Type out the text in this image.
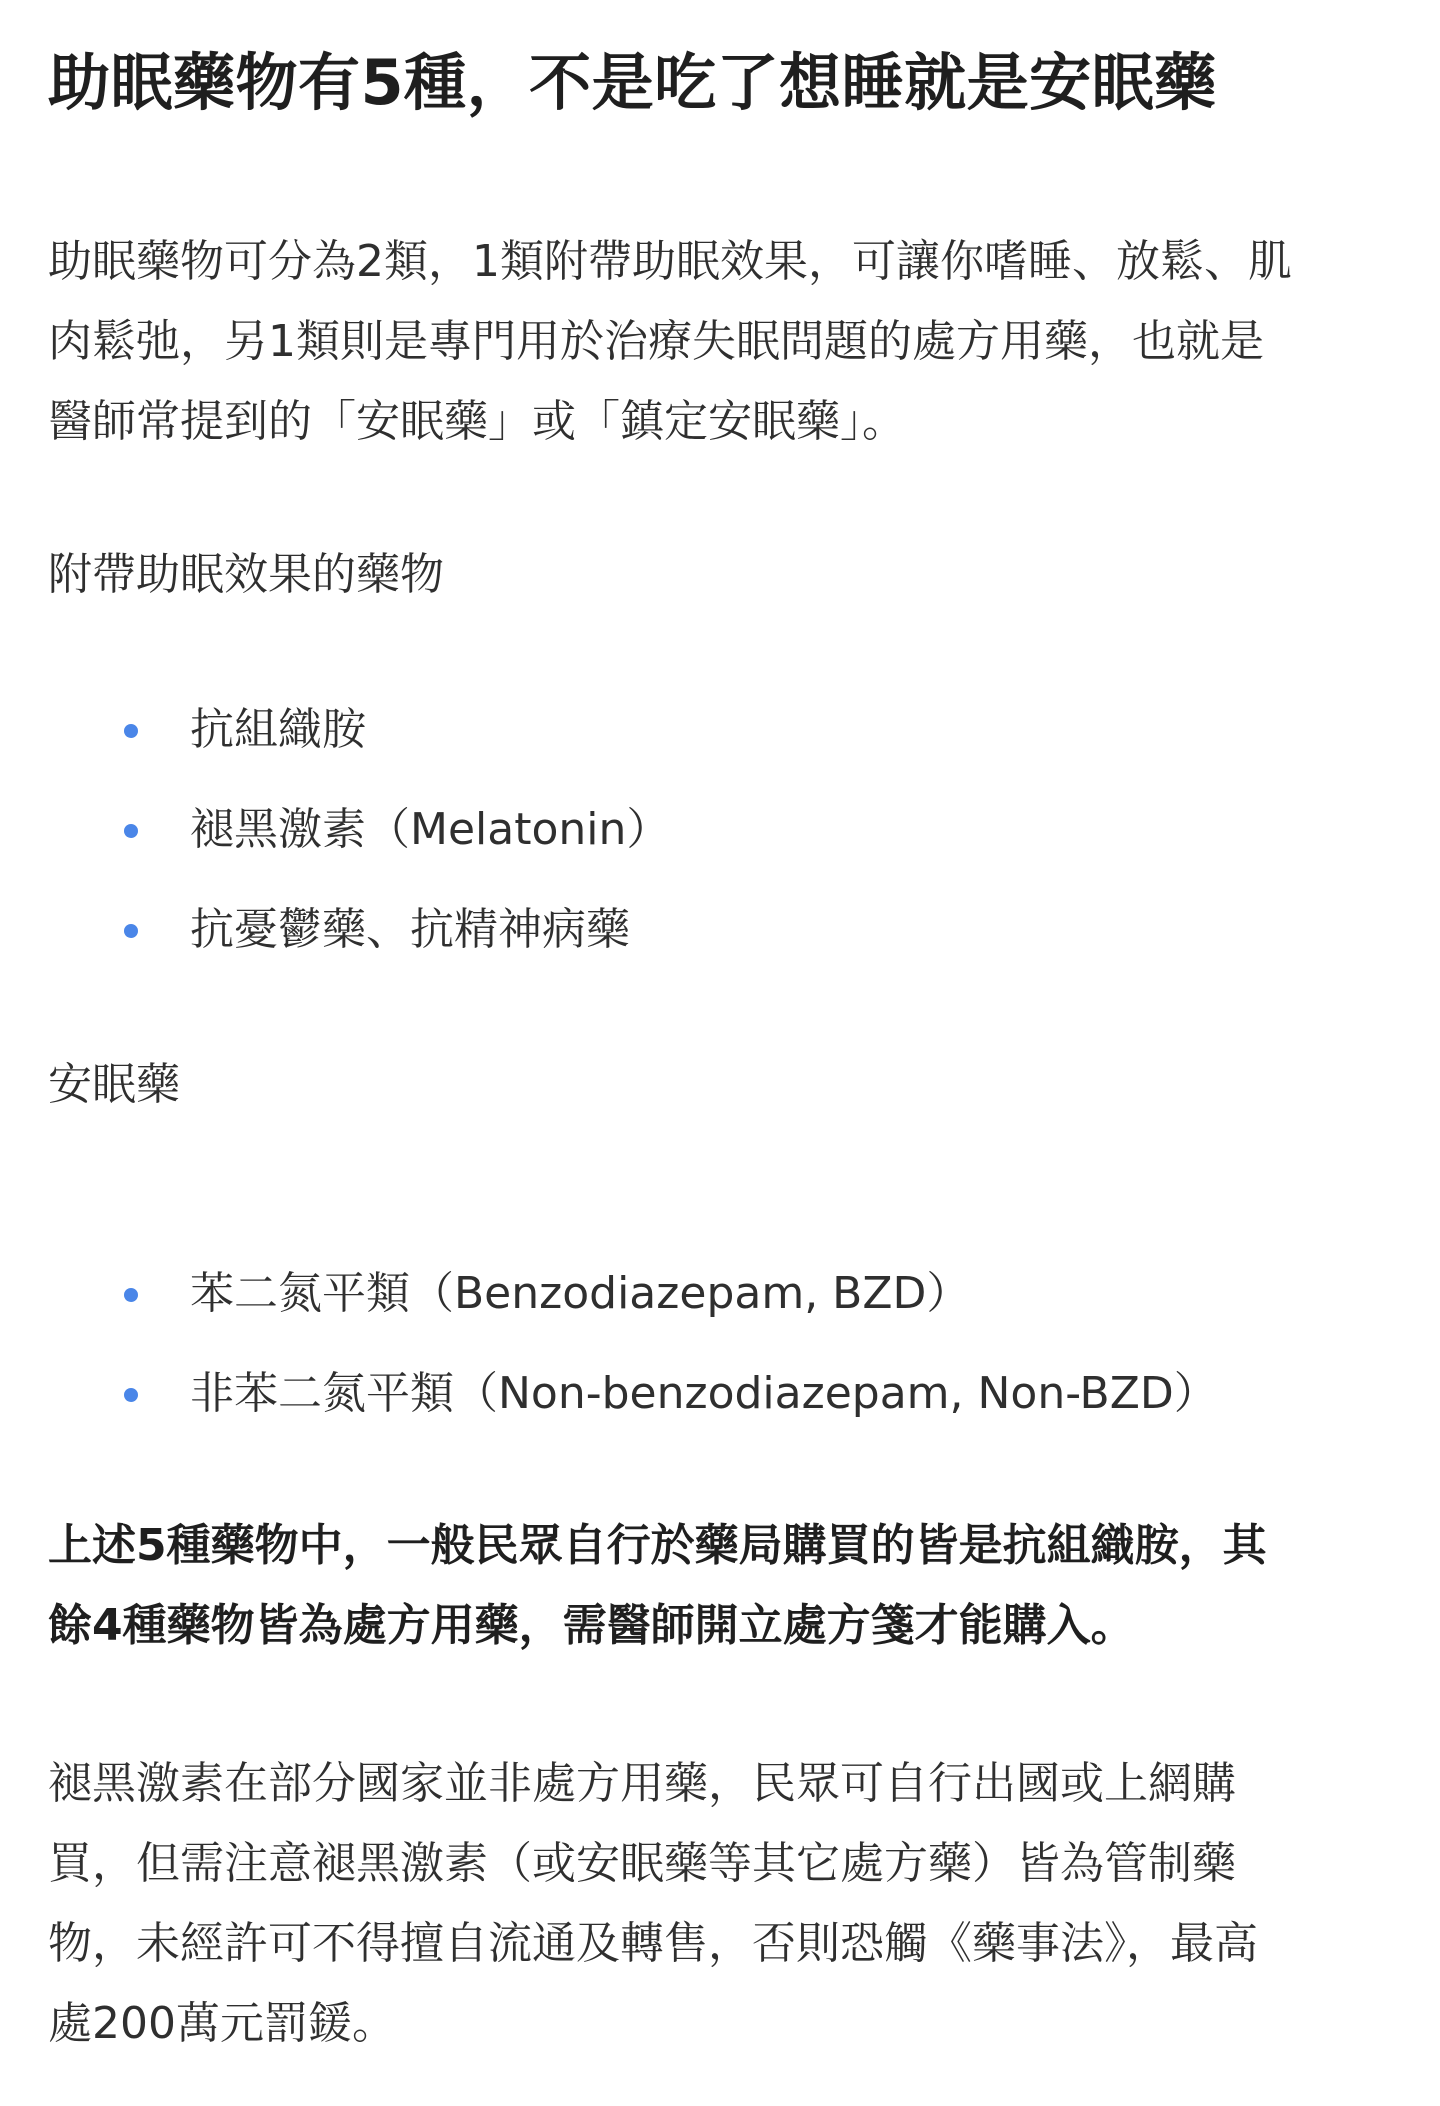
助眠藥物有5種，不是吃了想睡就是安眠藥

助眠藥物可分為2類，1類附帶助眠效果，可讓你嗜睡、放鬆、肌
肉鬆弛，另1類則是專門用於治療失眠問題的處方用藥，也就是
醫師常提到的「安眠藥」或「鎮定安眠藥」。

附帶助眠效果的藥物
抗組織胺
褪黑激素（Melatonin）
抗憂鬱藥、抗精神病藥
安眠藥
苯二氮平類（Benzodiazepam, BZD）
非苯二氮平類（Non-benzodiazepam, Non-BZD）

上述5種藥物中，一般民眾自行於藥局購買的皆是抗組織胺，其
餘4種藥物皆為處方用藥，需醫師開立處方箋才能購入。

褪黑激素在部分國家並非處方用藥，民眾可自行出國或上網購
買，但需注意褪黑激素（或安眠藥等其它處方藥）皆為管制藥
物，未經許可不得擅自流通及轉售，否則恐觸《藥事法》，最高
處200萬元罰鍰。
